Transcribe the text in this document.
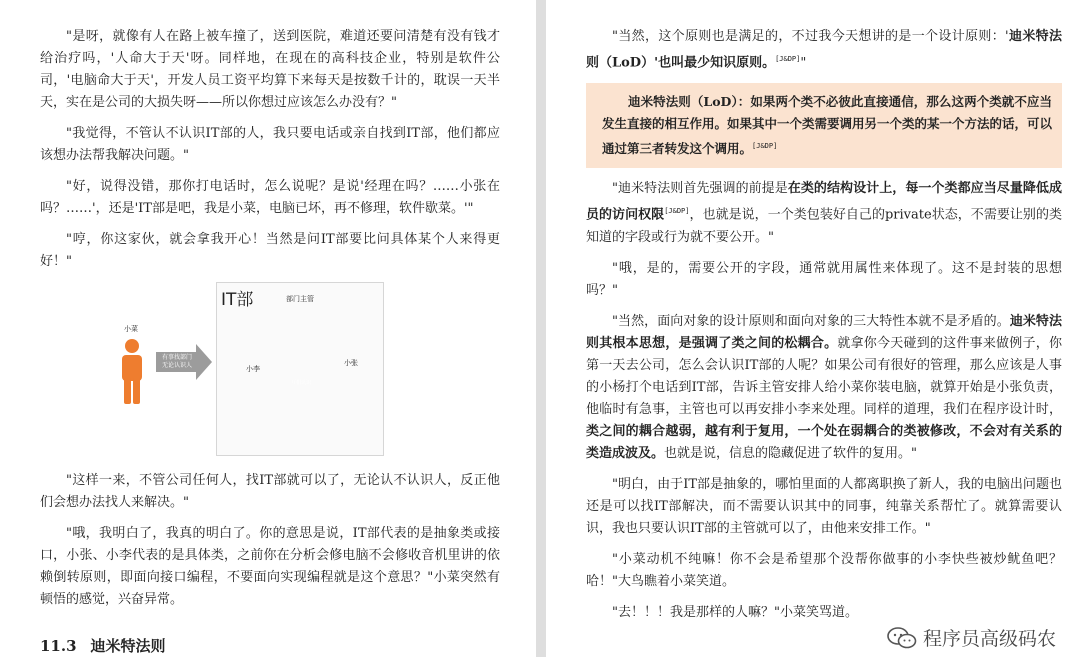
"是呀，就像有人在路上被车撞了，送到医院，难道还要问清楚有没有钱才给治疗吗，'人命大于天'呀。同样地，在现在的高科技企业，特别是软件公司，'电脑命大于天'，开发人员工资平均算下来每天是按数千计的，耽误一天半天，实在是公司的大损失呀——所以你想过应该怎么办没有？"

"我觉得，不管认不认识IT部的人，我只要电话或亲自找到IT部，他们都应该想办法帮我解决问题。"

"好，说得没错，那你打电话时，怎么说呢？是说'经理在吗？……小张在吗？……'，还是'IT部是吧，我是小菜，电脑已坏，再不修理，软件歇菜。'"

"哼，你这家伙，就会拿我开心！当然是问IT部要比问具体某个人来得更好！"

IT部
小菜
有事找部门
无论认识人
部门主管
小李
小张
互相认识

"这样一来，不管公司任何人，找IT部就可以了，无论认不认识人，反正他们会想办法找人来解决。"

"哦，我明白了，我真的明白了。你的意思是说，IT部代表的是抽象类或接口，小张、小李代表的是具体类，之前你在分析会修电脑不会修收音机里讲的依赖倒转原则，即面向接口编程，不要面向实现编程就是这个意思？"小菜突然有顿悟的感觉，兴奋异常。

11.3 迪米特法则

"当然，这个原则也是满足的，不过我今天想讲的是一个设计原则：'迪米特法则（LoD）'也叫最少知识原则。[J&DP]"

迪米特法则（LoD）：如果两个类不必彼此直接通信，那么这两个类就不应当发生直接的相互作用。如果其中一个类需要调用另一个类的某一个方法的话，可以通过第三者转发这个调用。[J&DP]

"迪米特法则首先强调的前提是在类的结构设计上，每一个类都应当尽量降低成员的访问权限[J&DP]，也就是说，一个类包装好自己的private状态，不需要让别的类知道的字段或行为就不要公开。"

"哦，是的，需要公开的字段，通常就用属性来体现了。这不是封装的思想吗？"

"当然，面向对象的设计原则和面向对象的三大特性本就不是矛盾的。迪米特法则其根本思想，是强调了类之间的松耦合。就拿你今天碰到的这件事来做例子，你第一天去公司，怎么会认识IT部的人呢？如果公司有很好的管理，那么应该是人事的小杨打个电话到IT部，告诉主管安排人给小菜你装电脑，就算开始是小张负责，他临时有急事，主管也可以再安排小李来处理。同样的道理，我们在程序设计时，类之间的耦合越弱，越有利于复用，一个处在弱耦合的类被修改，不会对有关系的类造成波及。也就是说，信息的隐藏促进了软件的复用。"

"明白，由于IT部是抽象的，哪怕里面的人都离职换了新人，我的电脑出问题也还是可以找IT部解决，而不需要认识其中的同事，纯靠关系帮忙了。就算需要认识，我也只要认识IT部的主管就可以了，由他来安排工作。"

"小菜动机不纯嘛！你不会是希望那个没帮你做事的小李快些被炒鱿鱼吧？哈！"大鸟瞧着小菜笑道。

"去！！！我是那样的人嘛？"小菜笑骂道。

程序员高级码农
